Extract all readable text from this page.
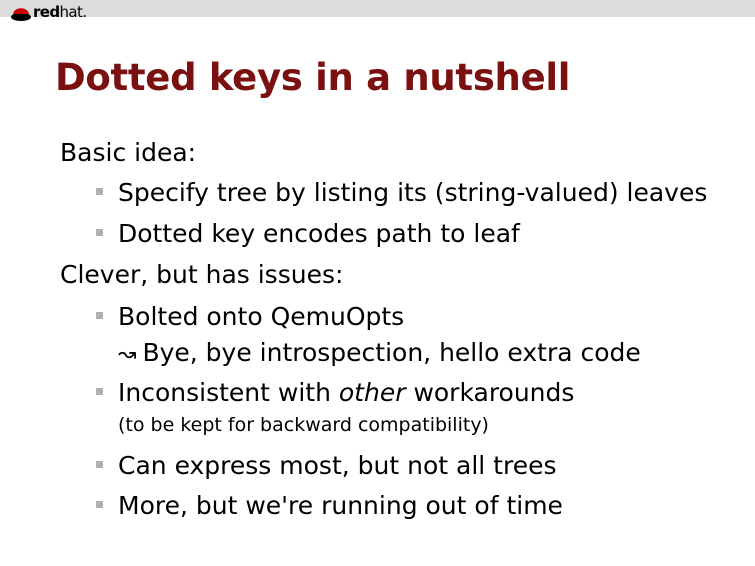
redhat.
Dotted keys in a nutshell
Basic idea:
Specify tree by listing its (string-valued) leaves
Dotted key encodes path to leaf
Clever, but has issues:
Bolted onto QemuOpts
↝ Bye, bye introspection, hello extra code
Inconsistent with other workarounds
(to be kept for backward compatibility)
Can express most, but not all trees
More, but we're running out of time
